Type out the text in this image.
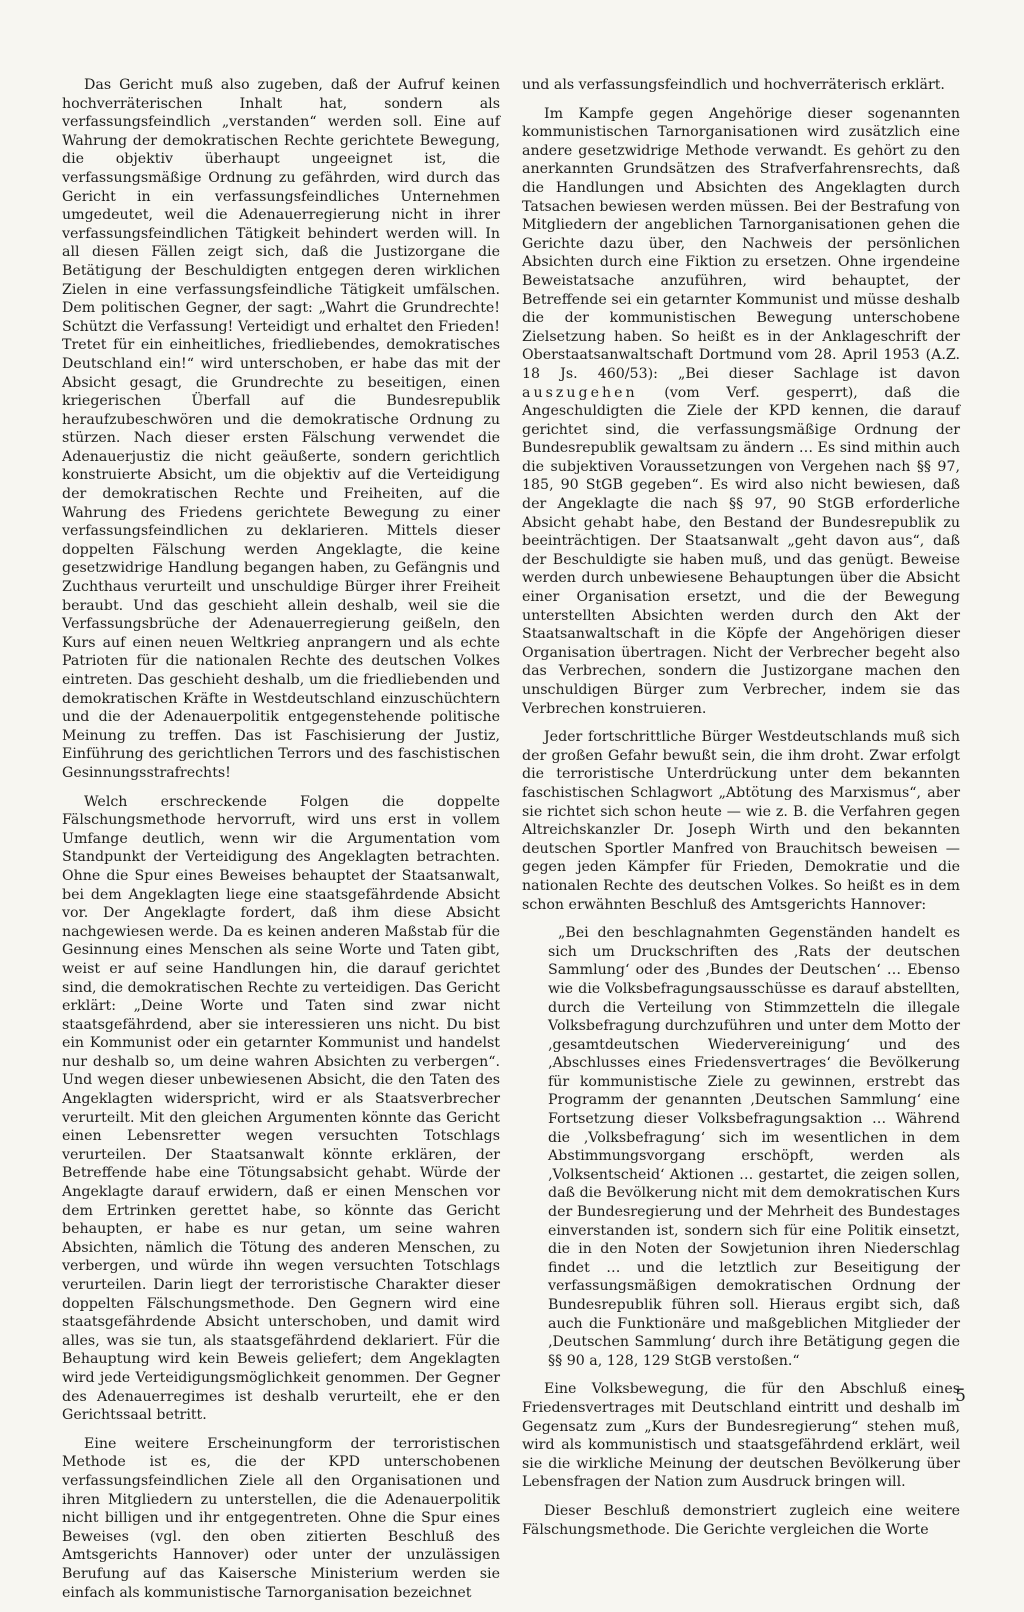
Das Gericht muß also zugeben, daß der Aufruf keinen hochverräterischen Inhalt hat, sondern als verfassungsfeindlich „verstanden“ werden soll. Eine auf Wahrung der demokratischen Rechte gerichtete Bewegung, die objektiv überhaupt ungeeignet ist, die verfassungsmäßige Ordnung zu gefährden, wird durch das Gericht in ein verfassungsfeindliches Unternehmen umgedeutet, weil die Adenauerregierung nicht in ihrer verfassungsfeindlichen Tätigkeit behindert werden will. In all diesen Fällen zeigt sich, daß die Justizorgane die Betätigung der Beschuldigten entgegen deren wirklichen Zielen in eine verfassungsfeindliche Tätigkeit umfälschen. Dem politischen Gegner, der sagt: „Wahrt die Grundrechte! Schützt die Verfassung! Verteidigt und erhaltet den Frieden! Tretet für ein einheitliches, friedliebendes, demokratisches Deutschland ein!“ wird unterschoben, er habe das mit der Absicht gesagt, die Grundrechte zu beseitigen, einen kriegerischen Überfall auf die Bundesrepublik heraufzubeschwören und die demokratische Ordnung zu stürzen. Nach dieser ersten Fälschung verwendet die Adenauerjustiz die nicht geäußerte, sondern gerichtlich konstruierte Absicht, um die objektiv auf die Verteidigung der demokratischen Rechte und Freiheiten, auf die Wahrung des Friedens gerichtete Bewegung zu einer verfassungsfeindlichen zu deklarieren. Mittels dieser doppelten Fälschung werden Angeklagte, die keine gesetzwidrige Handlung begangen haben, zu Gefängnis und Zuchthaus verurteilt und unschuldige Bürger ihrer Freiheit beraubt. Und das geschieht allein deshalb, weil sie die Verfassungsbrüche der Adenauerregierung geißeln, den Kurs auf einen neuen Weltkrieg anprangern und als echte Patrioten für die nationalen Rechte des deutschen Volkes eintreten. Das geschieht deshalb, um die friedliebenden und demokratischen Kräfte in Westdeutschland einzuschüchtern und die der Adenauerpolitik entgegenstehende politische Meinung zu treffen. Das ist Faschisierung der Justiz, Einführung des gerichtlichen Terrors und des faschistischen Gesinnungsstrafrechts!

Welch erschreckende Folgen die doppelte Fälschungsmethode hervorruft, wird uns erst in vollem Umfange deutlich, wenn wir die Argumentation vom Standpunkt der Verteidigung des Angeklagten betrachten. Ohne die Spur eines Beweises behauptet der Staatsanwalt, bei dem Angeklagten liege eine staatsgefährdende Absicht vor. Der Angeklagte fordert, daß ihm diese Absicht nachgewiesen werde. Da es keinen anderen Maßstab für die Gesinnung eines Menschen als seine Worte und Taten gibt, weist er auf seine Handlungen hin, die darauf gerichtet sind, die demokratischen Rechte zu verteidigen. Das Gericht erklärt: „Deine Worte und Taten sind zwar nicht staatsgefährdend, aber sie interessieren uns nicht. Du bist ein Kommunist oder ein getarnter Kommunist und handelst nur deshalb so, um deine wahren Absichten zu verbergen“. Und wegen dieser unbewiesenen Absicht, die den Taten des Angeklagten widerspricht, wird er als Staatsverbrecher verurteilt. Mit den gleichen Argumenten könnte das Gericht einen Lebensretter wegen versuchten Totschlags verurteilen. Der Staatsanwalt könnte erklären, der Betreffende habe eine Tötungsabsicht gehabt. Würde der Angeklagte darauf erwidern, daß er einen Menschen vor dem Ertrinken gerettet habe, so könnte das Gericht behaupten, er habe es nur getan, um seine wahren Absichten, nämlich die Tötung des anderen Menschen, zu verbergen, und würde ihn wegen versuchten Totschlags verurteilen. Darin liegt der terroristische Charakter dieser doppelten Fälschungsmethode. Den Gegnern wird eine staatsgefährdende Absicht unterschoben, und damit wird alles, was sie tun, als staatsgefährdend deklariert. Für die Behauptung wird kein Beweis geliefert; dem Angeklagten wird jede Verteidigungsmöglichkeit genommen. Der Gegner des Adenauerregimes ist deshalb verurteilt, ehe er den Gerichtssaal betritt.

Eine weitere Erscheinungform der terroristischen Methode ist es, die der KPD unterschobenen verfassungsfeindlichen Ziele all den Organisationen und ihren Mitgliedern zu unterstellen, die die Adenauerpolitik nicht billigen und ihr entgegentreten. Ohne die Spur eines Beweises (vgl. den oben zitierten Beschluß des Amtsgerichts Hannover) oder unter der unzulässigen Berufung auf das Kaisersche Ministerium werden sie einfach als kommunistische Tarnorganisation bezeichnet

und als verfassungsfeindlich und hochverräterisch erklärt.

Im Kampfe gegen Angehörige dieser sogenannten kommunistischen Tarnorganisationen wird zusätzlich eine andere gesetzwidrige Methode verwandt. Es gehört zu den anerkannten Grundsätzen des Strafverfahrensrechts, daß die Handlungen und Absichten des Angeklagten durch Tatsachen bewiesen werden müssen. Bei der Bestrafung von Mitgliedern der angeblichen Tarnorganisationen gehen die Gerichte dazu über, den Nachweis der persönlichen Absichten durch eine Fiktion zu ersetzen. Ohne irgendeine Beweistatsache anzuführen, wird behauptet, der Betreffende sei ein getarnter Kommunist und müsse deshalb die der kommunistischen Bewegung unterschobene Zielsetzung haben. So heißt es in der Anklageschrift der Oberstaatsanwaltschaft Dortmund vom 28. April 1953 (A.Z. 18 Js. 460/53): „Bei dieser Sachlage ist davon auszugehen (vom Verf. gesperrt), daß die Angeschuldigten die Ziele der KPD kennen, die darauf gerichtet sind, die verfassungsmäßige Ordnung der Bundesrepublik gewaltsam zu ändern … Es sind mithin auch die subjektiven Voraussetzungen von Vergehen nach §§ 97, 185, 90 StGB gegeben“. Es wird also nicht bewiesen, daß der Angeklagte die nach §§ 97, 90 StGB erforderliche Absicht gehabt habe, den Bestand der Bundesrepublik zu beeinträchtigen. Der Staatsanwalt „geht davon aus“, daß der Beschuldigte sie haben muß, und das genügt. Beweise werden durch unbewiesene Behauptungen über die Absicht einer Organisation ersetzt, und die der Bewegung unterstellten Absichten werden durch den Akt der Staatsanwaltschaft in die Köpfe der Angehörigen dieser Organisation übertragen. Nicht der Verbrecher begeht also das Verbrechen, sondern die Justizorgane machen den unschuldigen Bürger zum Verbrecher, indem sie das Verbrechen konstruieren.

Jeder fortschrittliche Bürger Westdeutschlands muß sich der großen Gefahr bewußt sein, die ihm droht. Zwar erfolgt die terroristische Unterdrückung unter dem bekannten faschistischen Schlagwort „Abtötung des Marxismus“, aber sie richtet sich schon heute — wie z. B. die Verfahren gegen Altreichskanzler Dr. Joseph Wirth und den bekannten deutschen Sportler Manfred von Brauchitsch beweisen — gegen jeden Kämpfer für Frieden, Demokratie und die nationalen Rechte des deutschen Volkes. So heißt es in dem schon erwähnten Beschluß des Amtsgerichts Hannover:

„Bei den beschlagnahmten Gegenständen handelt es sich um Druckschriften des ‚Rats der deutschen Sammlung‘ oder des ‚Bundes der Deutschen‘ … Ebenso wie die Volksbefragungsausschüsse es darauf abstellten, durch die Verteilung von Stimmzetteln die illegale Volksbefragung durchzuführen und unter dem Motto der ‚gesamtdeutschen Wiedervereinigung‘ und des ‚Abschlusses eines Friedensvertrages‘ die Bevölkerung für kommunistische Ziele zu gewinnen, erstrebt das Programm der genannten ‚Deutschen Sammlung‘ eine Fortsetzung dieser Volksbefragungsaktion … Während die ‚Volksbefragung‘ sich im wesentlichen in dem Abstimmungsvorgang erschöpft, werden als ‚Volksentscheid‘ Aktionen … gestartet, die zeigen sollen, daß die Bevölkerung nicht mit dem demokratischen Kurs der Bundesregierung und der Mehrheit des Bundestages einverstanden ist, sondern sich für eine Politik einsetzt, die in den Noten der Sowjetunion ihren Niederschlag findet … und die letztlich zur Beseitigung der verfassungsmäßigen demokratischen Ordnung der Bundesrepublik führen soll. Hieraus ergibt sich, daß auch die Funktionäre und maßgeblichen Mitglieder der ‚Deutschen Sammlung‘ durch ihre Betätigung gegen die §§ 90 a, 128, 129 StGB verstoßen.“

Eine Volksbewegung, die für den Abschluß eines Friedensvertrages mit Deutschland eintritt und deshalb im Gegensatz zum „Kurs der Bundesregierung“ stehen muß, wird als kommunistisch und staatsgefährdend erklärt, weil sie die wirkliche Meinung der deutschen Bevölkerung über Lebensfragen der Nation zum Ausdruck bringen will.

Dieser Beschluß demonstriert zugleich eine weitere Fälschungsmethode. Die Gerichte vergleichen die Worte

5
